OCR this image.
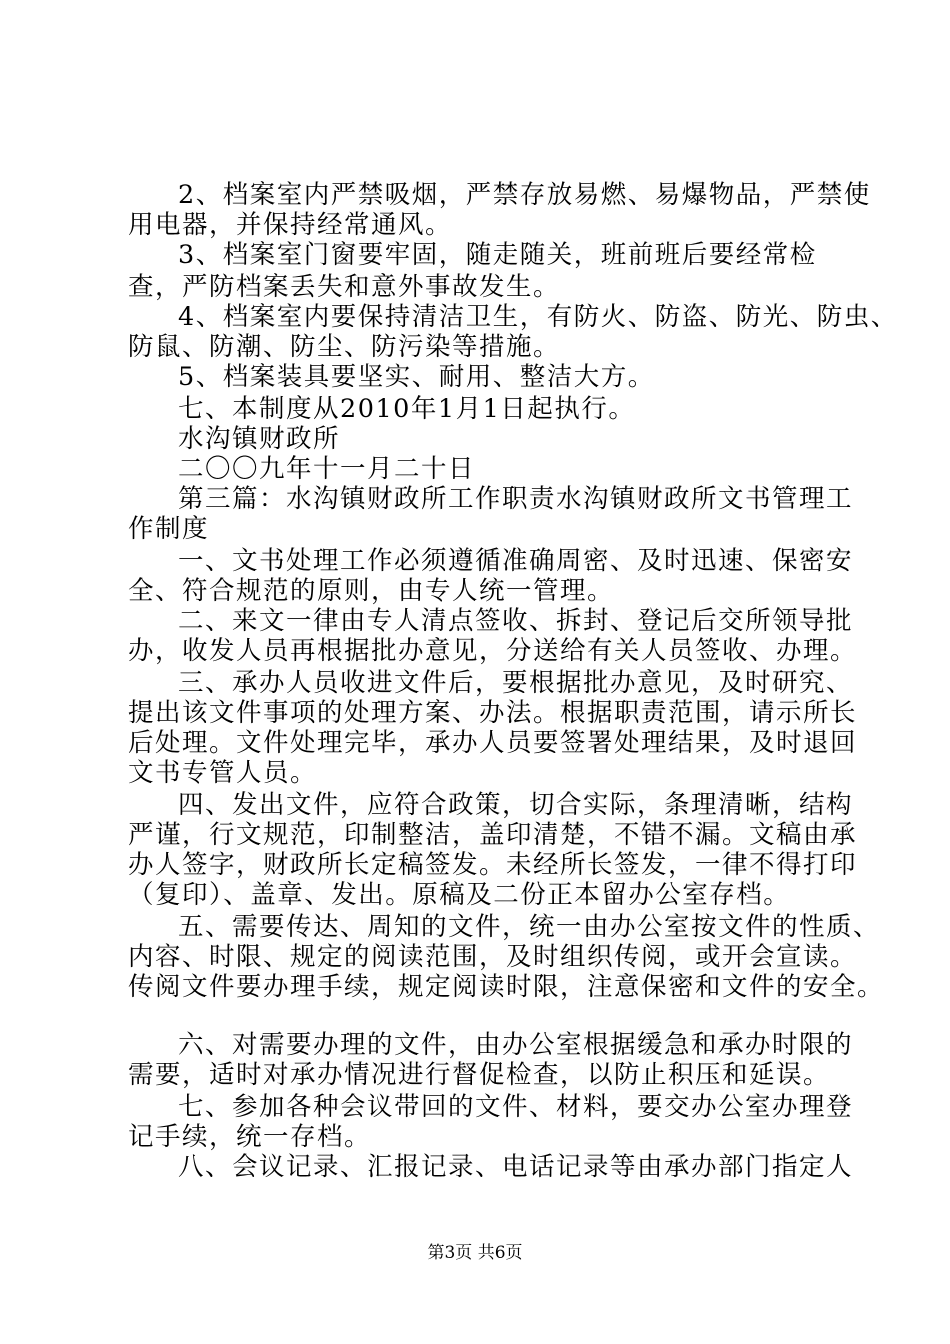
2、档案室内严禁吸烟，严禁存放易燃、易爆物品，严禁使

用电器，并保持经常通风。

3、档案室门窗要牢固，随走随关，班前班后要经常检

查，严防档案丢失和意外事故发生。

4、档案室内要保持清洁卫生，有防火、防盗、防光、防虫、

防鼠、防潮、防尘、防污染等措施。

5、档案装具要坚实、耐用、整洁大方。

七、本制度从2010年1月1日起执行。

水沟镇财政所

二〇〇九年十一月二十日

第三篇：水沟镇财政所工作职责水沟镇财政所文书管理工

作制度

一、文书处理工作必须遵循准确周密、及时迅速、保密安

全、符合规范的原则，由专人统一管理。

二、来文一律由专人清点签收、拆封、登记后交所领导批

办，收发人员再根据批办意见，分送给有关人员签收、办理。

三、承办人员收进文件后，要根据批办意见，及时研究、

提出该文件事项的处理方案、办法。根据职责范围，请示所长

后处理。文件处理完毕，承办人员要签署处理结果，及时退回

文书专管人员。

四、发出文件，应符合政策，切合实际，条理清晰，结构

严谨，行文规范，印制整洁，盖印清楚，不错不漏。文稿由承

办人签字，财政所长定稿签发。未经所长签发，一律不得打印

（复印）、盖章、发出。原稿及二份正本留办公室存档。

五、需要传达、周知的文件，统一由办公室按文件的性质、

内容、时限、规定的阅读范围，及时组织传阅，或开会宣读。

传阅文件要办理手续，规定阅读时限，注意保密和文件的安全。

六、对需要办理的文件，由办公室根据缓急和承办时限的

需要，适时对承办情况进行督促检查，以防止积压和延误。

七、参加各种会议带回的文件、材料，要交办公室办理登

记手续，统一存档。

八、会议记录、汇报记录、电话记录等由承办部门指定人

第3页 共6页
